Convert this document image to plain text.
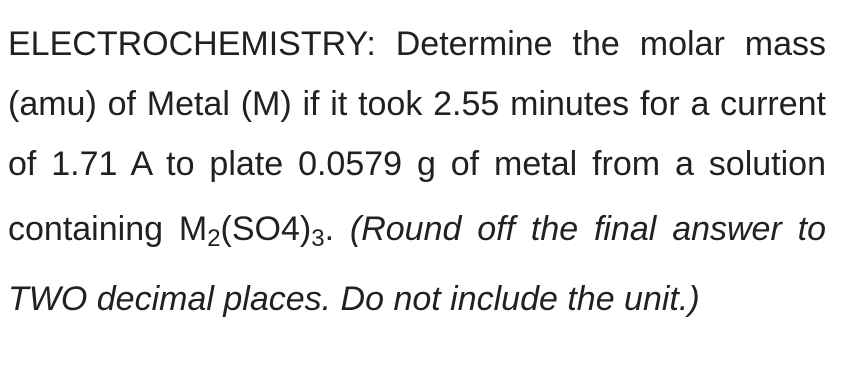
ELECTROCHEMISTRY: Determine the molar mass (amu) of Metal (M) if it took 2.55 minutes for a current of 1.71 A to plate 0.0579 g of metal from a solution containing M2(SO4)3. (Round off the final answer to TWO decimal places. Do not include the unit.)
